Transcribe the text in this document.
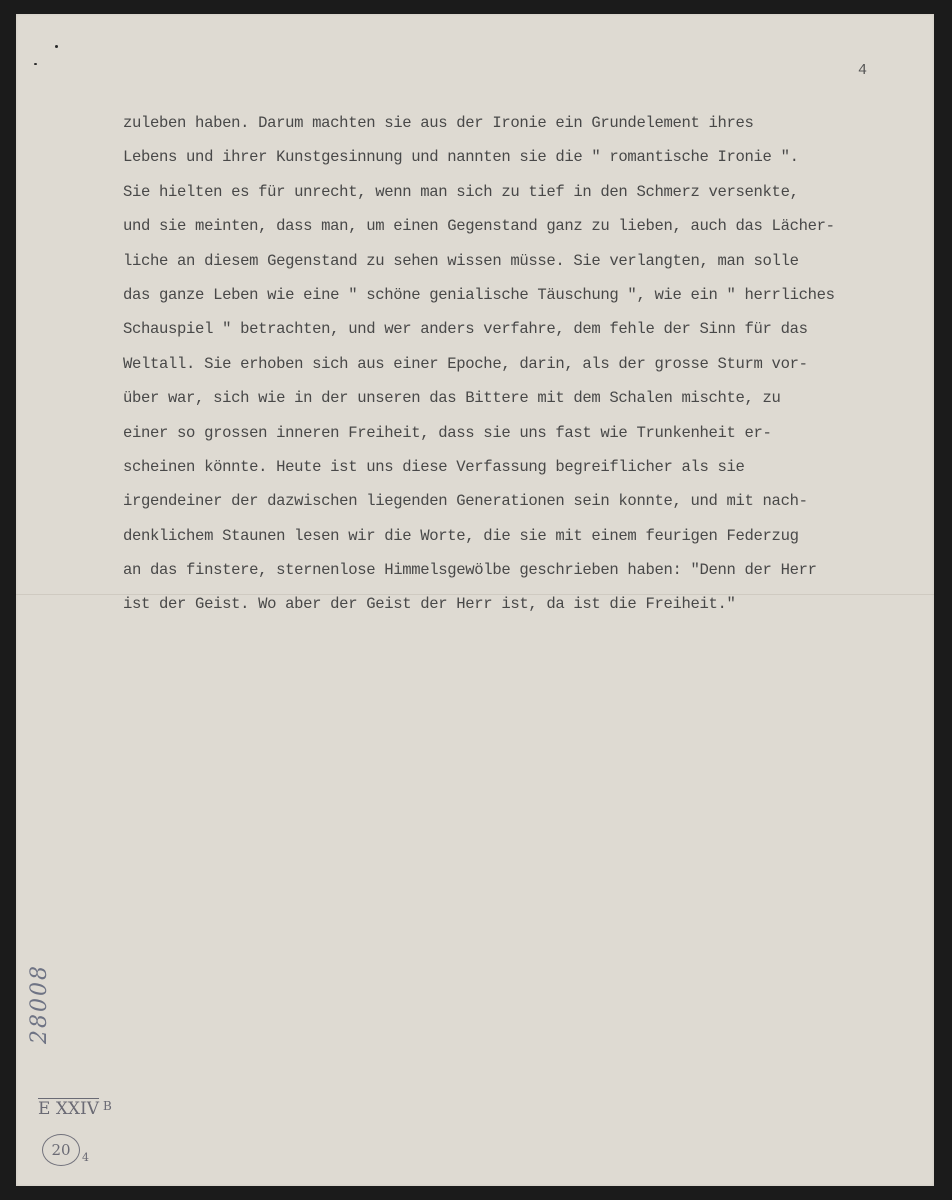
4
zuleben haben. Darum machten sie aus der Ironie ein Grundelement ihres
Lebens und ihrer Kunstgesinnung und nannten sie die " romantische Ironie ".
Sie hielten es für unrecht, wenn man sich zu tief in den Schmerz versenkte,
und sie meinten, dass man, um einen Gegenstand ganz zu lieben, auch das Lächer-
liche an diesem Gegenstand zu sehen wissen müsse. Sie verlangten, man solle
das ganze Leben wie eine " schöne genialische Täuschung ", wie ein " herrliches
Schauspiel " betrachten, und wer anders verfahre, dem fehle der Sinn für das
Weltall. Sie erhoben sich aus einer Epoche, darin, als der grosse Sturm vor-
über war, sich wie in der unseren das Bittere mit dem Schalen mischte, zu
einer so grossen inneren Freiheit, dass sie uns fast wie Trunkenheit er-
scheinen könnte. Heute ist uns diese Verfassung begreiflicher als sie
irgendeiner der dazwischen liegenden Generationen sein konnte, und mit nach-
denklichem Staunen lesen wir die Worte, die sie mit einem feurigen Federzug
an das finstere, sternenlose Himmelsgewölbe geschrieben haben: "Denn der Herr
ist der Geist. Wo aber der Geist der Herr ist, da ist die Freiheit."
28008
E XXIV $^B$
20 $_4$
